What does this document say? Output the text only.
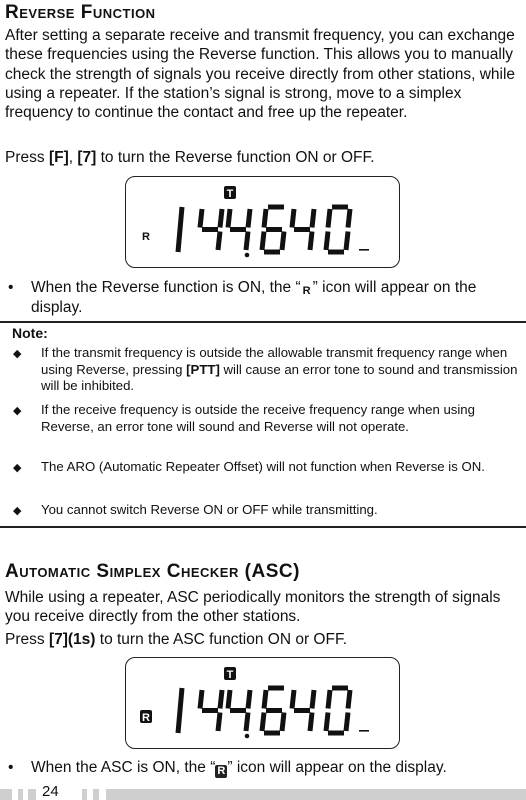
Reverse Function

After setting a separate receive and transmit frequency, you can exchange these frequencies using the Reverse function. This allows you to manually check the strength of signals you receive directly from other stations, while using a repeater. If the station’s signal is strong, move to a simplex frequency to continue the contact and free up the repeater.

Press [F], [7] to turn the Reverse function ON or OFF.

T
R
• When the Reverse function is ON, the “ R ” icon will appear on the display.
Note:
◆ If the transmit frequency is outside the allowable transmit frequency range when using Reverse, pressing [PTT] will cause an error tone to sound and transmission will be inhibited.
◆ If the receive frequency is outside the receive frequency range when using Reverse, an error tone will sound and Reverse will not operate.
◆ The ARO (Automatic Repeater Offset) will not function when Reverse is ON.
◆ You cannot switch Reverse ON or OFF while transmitting.
Automatic Simplex Checker (ASC)

While using a repeater, ASC periodically monitors the strength of signals you receive directly from the other stations.

Press [7](1s) to turn the ASC function ON or OFF.

T
R
• When the ASC is ON, the “ R ” icon will appear on the display.
24
